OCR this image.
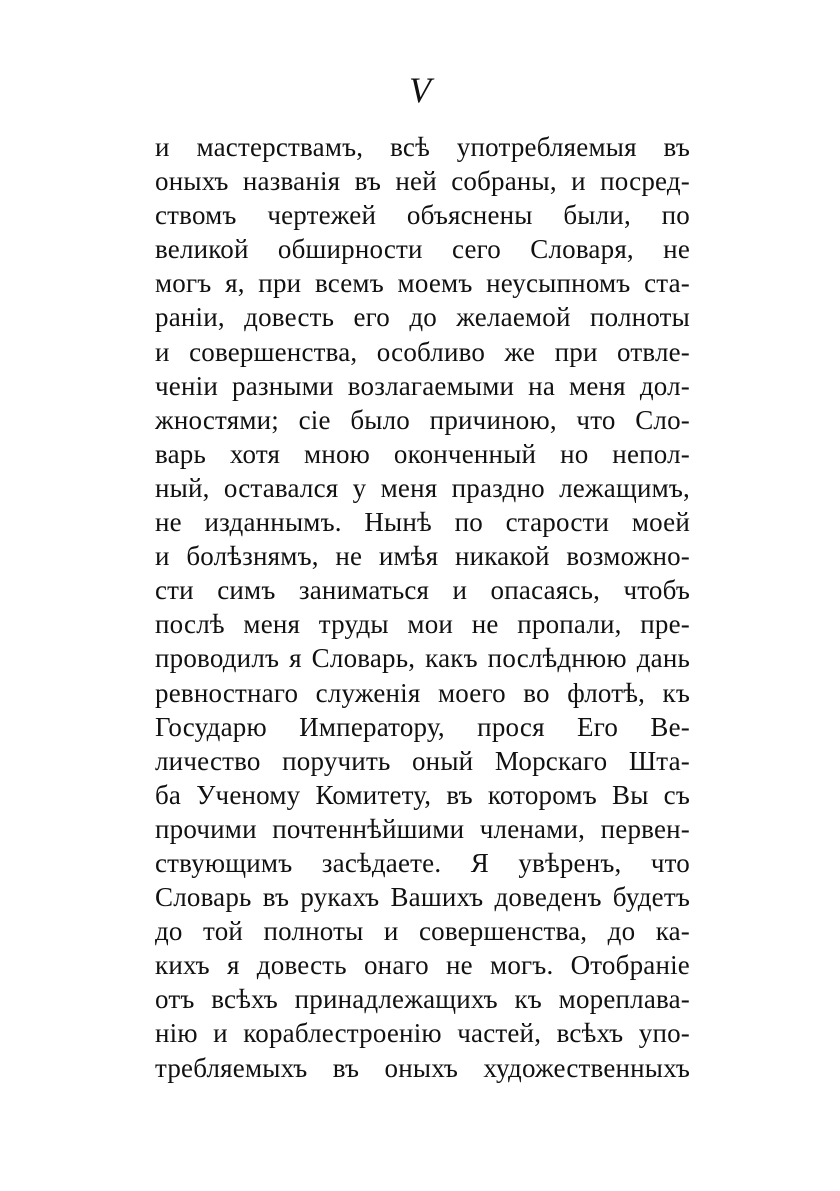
V
и мастерствамъ, всѣ употребляемыя въ
оныхъ названія въ ней собраны, и посред-
ствомъ чертежей объяснены были, по
великой обширности сего Словаря, не
могъ я, при всемъ моемъ неусыпномъ ста-
раніи, довесть его до желаемой полноты
и совершенства, особливо же при отвле-
ченіи разными возлагаемыми на меня дол-
жностями; сіе было причиною, что Сло-
варь хотя мною оконченный но непол-
ный, оставался у меня праздно лежащимъ,
не изданнымъ. Нынѣ по старости моей
и болѣзнямъ, не имѣя никакой возможно-
сти симъ заниматься и опасаясь, чтобъ
послѣ меня труды мои не пропали, пре-
проводилъ я Словарь, какъ послѣднюю дань
ревностнаго служенія моего во флотѣ, къ
Государю Императору, прося Его Ве-
личество поручить оный Морскаго Шта-
ба Ученому Комитету, въ которомъ Вы съ
прочими почтеннѣйшими членами, первен-
ствующимъ засѣдаете. Я увѣренъ, что
Словарь въ рукахъ Вашихъ доведенъ будетъ
до той полноты и совершенства, до ка-
кихъ я довесть онаго не могъ. Отобраніе
отъ всѣхъ принадлежащихъ къ мореплава-
нію и кораблестроенію частей, всѣхъ упо-
требляемыхъ въ оныхъ художественныхъ
